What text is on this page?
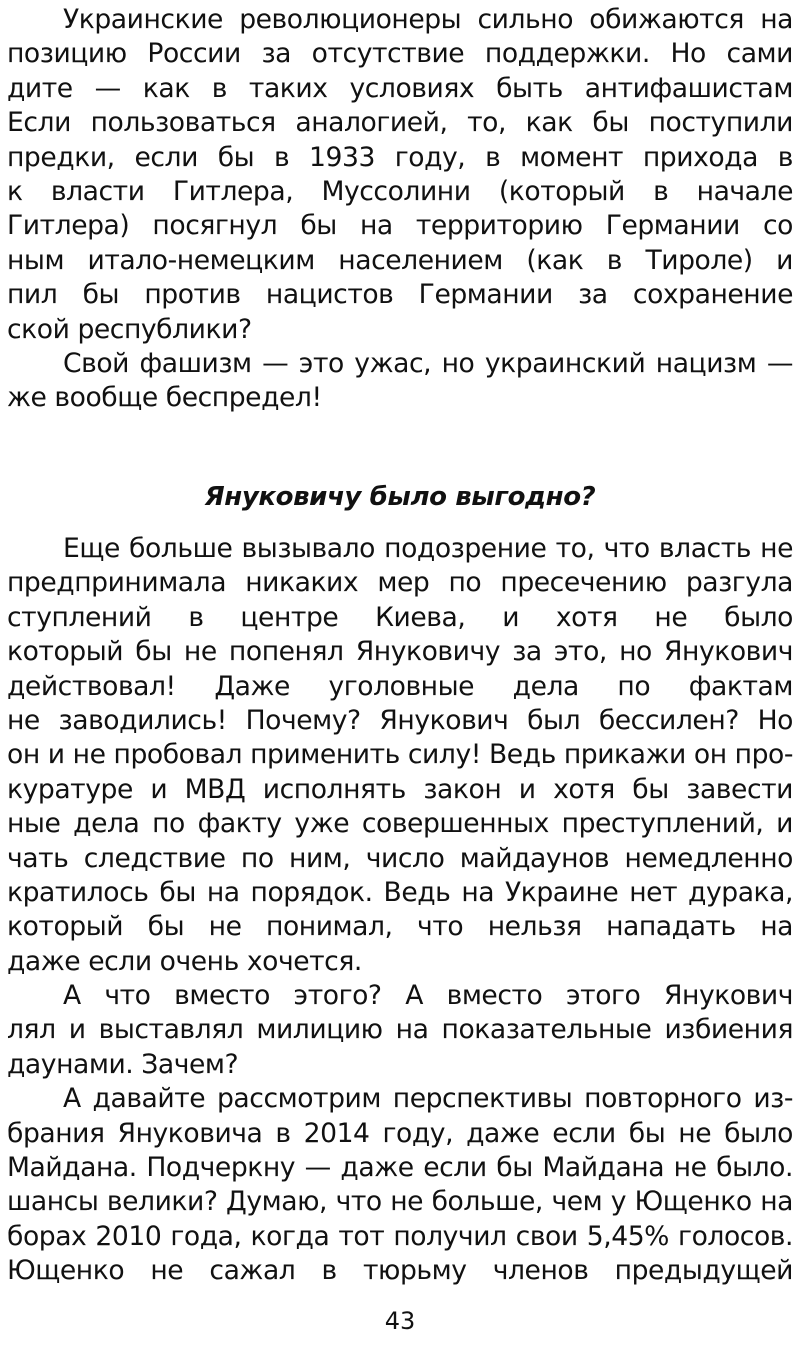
Украинские революционеры сильно обижаются на
позицию России за отсутствие поддержки. Но сами
дите — как в таких условиях быть антифашистам
Если пользоваться аналогией, то, как бы поступили
предки, если бы в 1933 году, в момент прихода в
к власти Гитлера, Муссолини (который в начале
Гитлера) посягнул бы на территорию Германии со
ным итало-немецким населением (как в Тироле) и
пил бы против нацистов Германии за сохранение
ской республики?
Свой фашизм — это ужас, но украинский нацизм —
же вообще беспредел!
Януковичу было выгодно?
Еще больше вызывало подозрение то, что власть не
предпринимала никаких мер по пресечению разгула
ступлений в центре Киева, и хотя не было
который бы не попенял Януковичу за это, но Янукович
действовал! Даже уголовные дела по фактам
не заводились! Почему? Янукович был бессилен? Но
он и не пробовал применить силу! Ведь прикажи он про-
куратуре и МВД исполнять закон и хотя бы завести
ные дела по факту уже совершенных преступлений, и
чать следствие по ним, число майдаунов немедленно
кратилось бы на порядок. Ведь на Украине нет дурака,
который бы не понимал, что нельзя нападать на
даже если очень хочется.
А что вместо этого? А вместо этого Янукович
лял и выставлял милицию на показательные избиения
даунами. Зачем?
А давайте рассмотрим перспективы повторного из-
брания Януковича в 2014 году, даже если бы не было
Майдана. Подчеркну — даже если бы Майдана не было.
шансы велики? Думаю, что не больше, чем у Ющенко на
борах 2010 года, когда тот получил свои 5,45% голосов.
Ющенко не сажал в тюрьму членов предыдущей
43
